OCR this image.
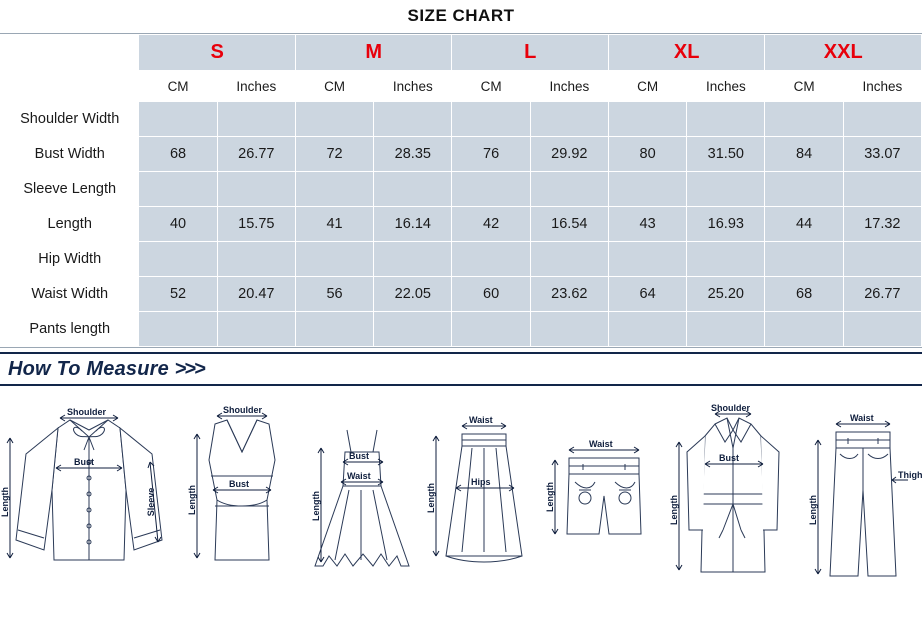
SIZE CHART
	S		M		L		XL		XXL	
	CM	Inches	CM	Inches	CM	Inches	CM	Inches	CM	Inches
Shoulder Width										
Bust Width	68	26.77	72	28.35	76	29.92	80	31.50	84	33.07
Sleeve Length										
Length	40	15.75	41	16.14	42	16.54	43	16.93	44	17.32
Hip Width										
Waist Width	52	20.47	56	22.05	60	23.62	64	25.20	68	26.77
Pants length										
How To Measure >>>
Shoulder
Bust
Length	Sleeve
Shoulder
Bust
Length
Bust
Waist
Length
Waist
Hips
Length
Waist
Length
Shoulder
Bust
Length
Waist
Thigh
Length
